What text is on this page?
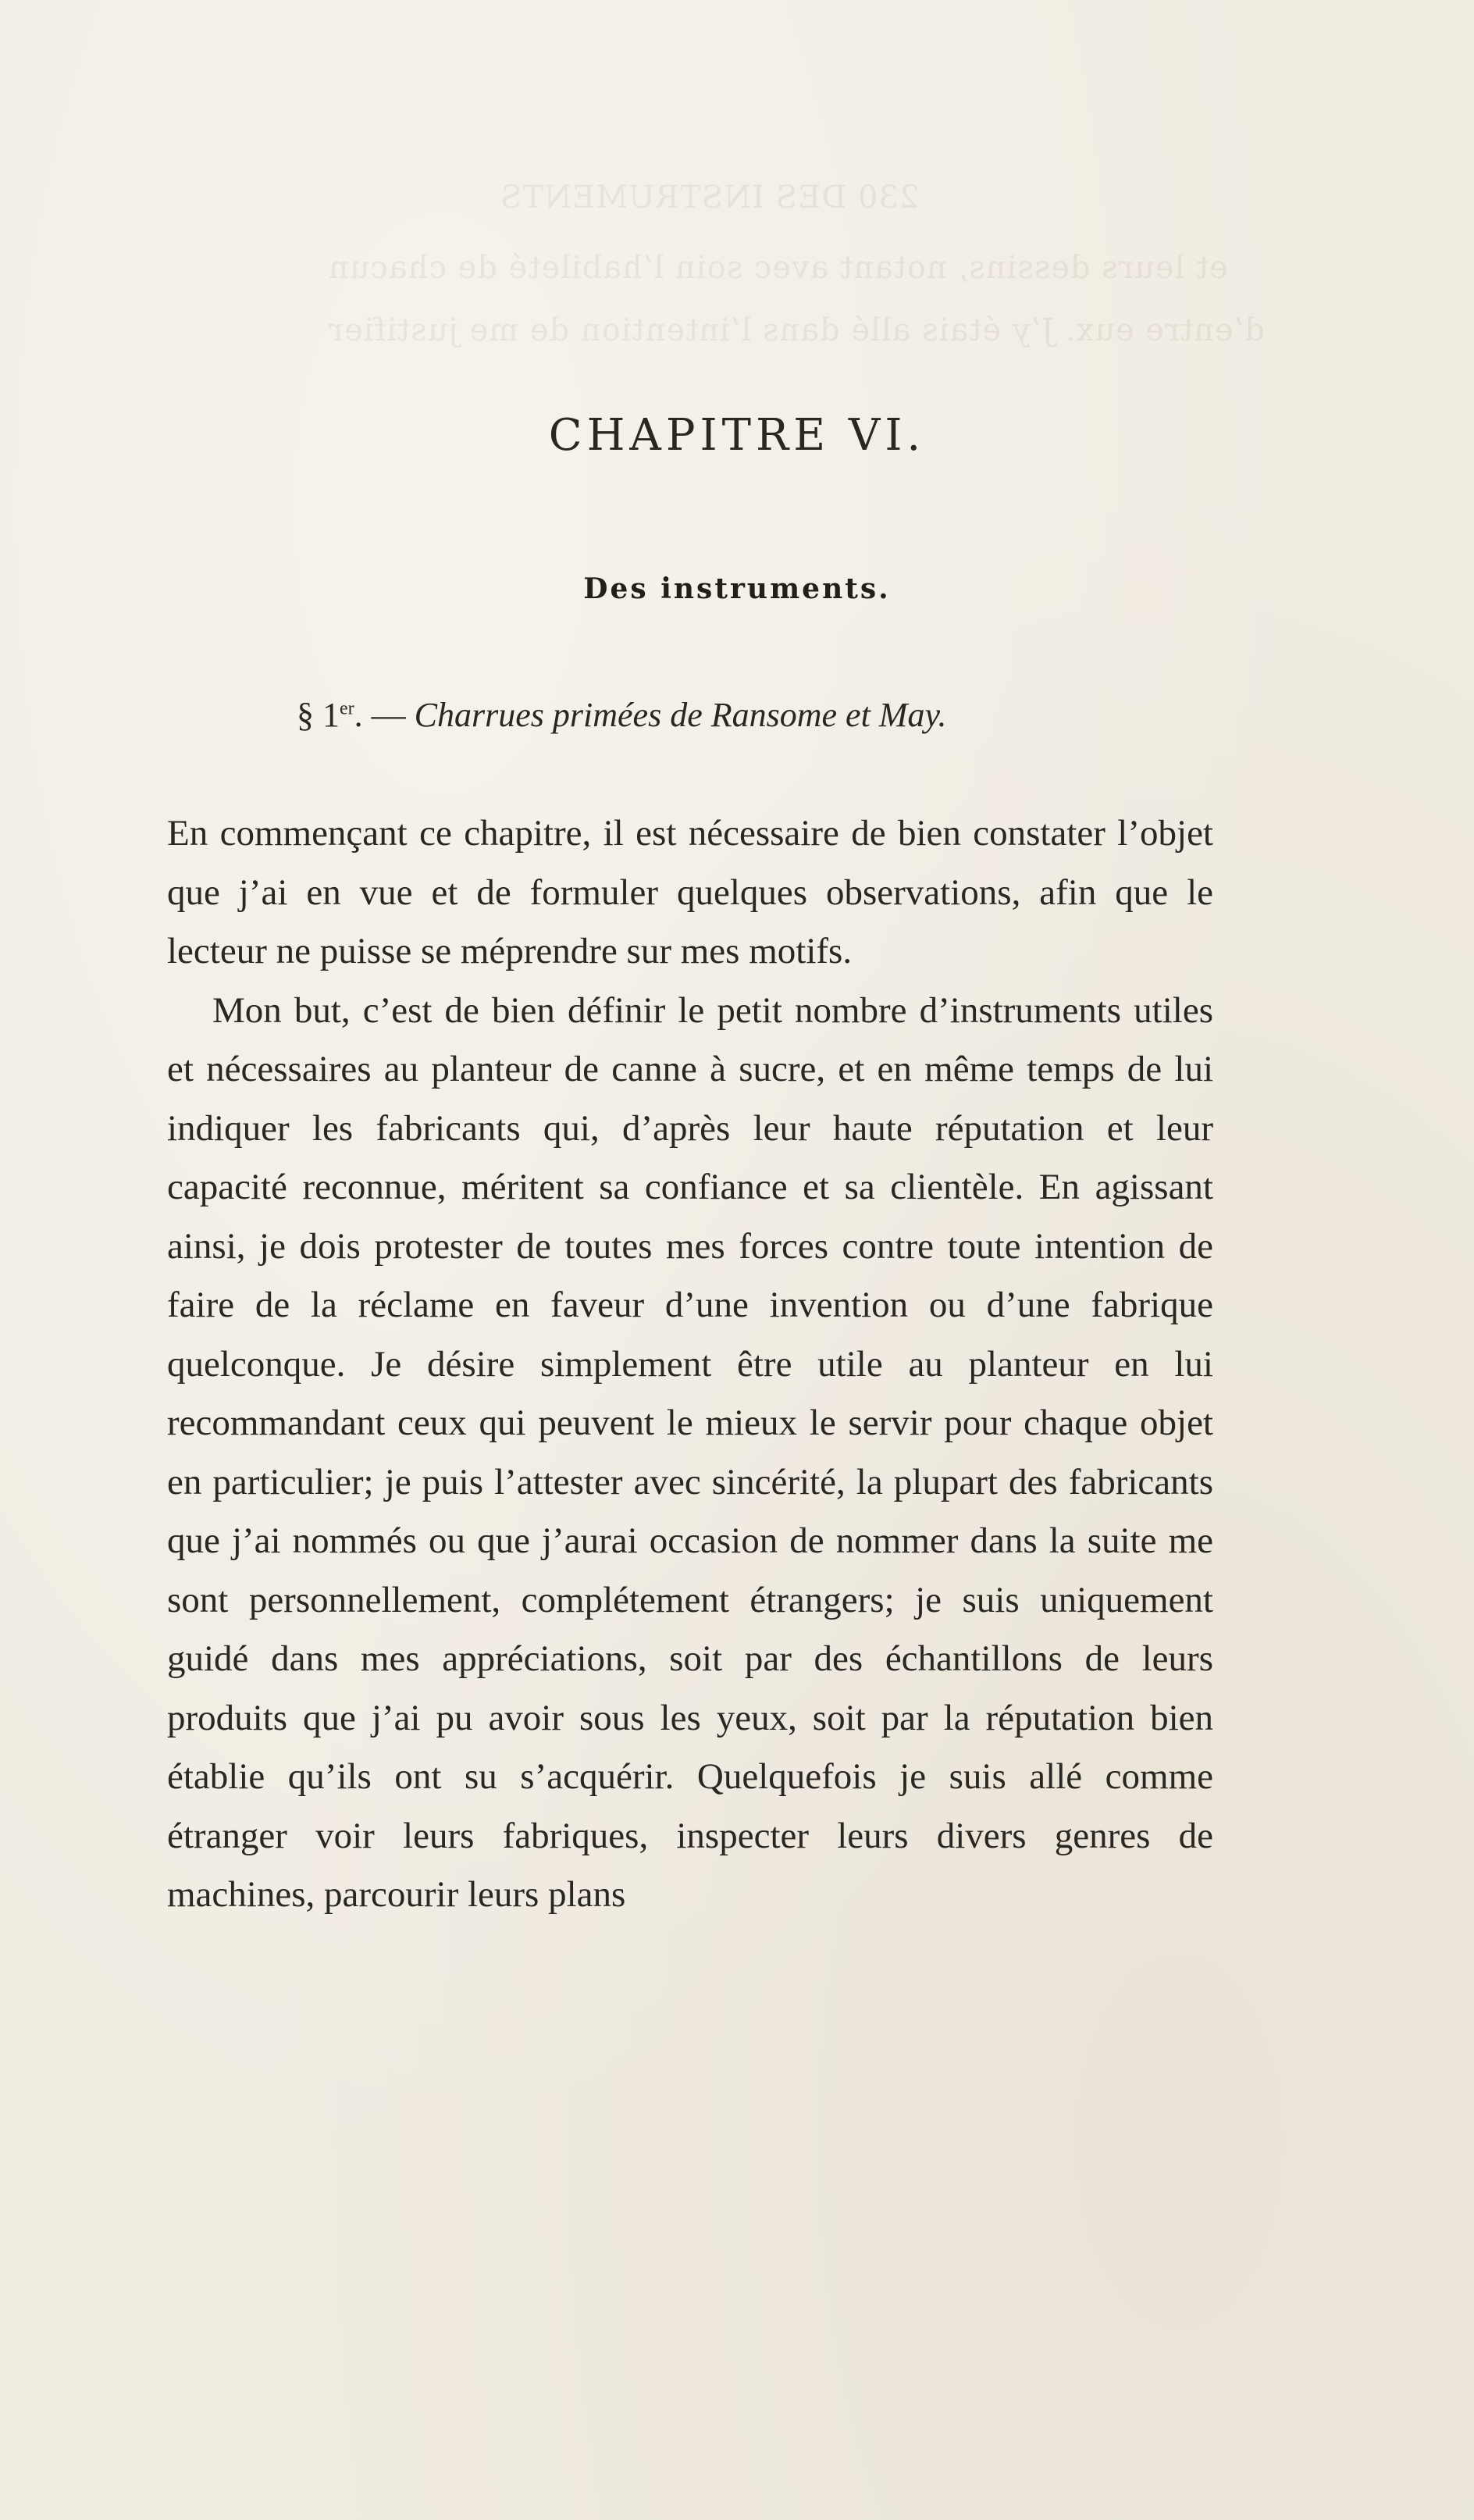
230 DES INSTRUMENTS
et leurs dessins, notant avec soin l’habileté de chacun
d’entre eux. J’y étais allé dans l’intention de me justifier
CHAPITRE VI.
Des instruments.
§ 1er. — Charrues primées de Ransome et May.

En commençant ce chapitre, il est nécessaire de bien constater l’objet que j’ai en vue et de formuler quelques observations, afin que le lecteur ne puisse se méprendre sur mes motifs.

Mon but, c’est de bien définir le petit nombre d’instruments utiles et nécessaires au planteur de canne à sucre, et en même temps de lui indiquer les fabricants qui, d’après leur haute réputation et leur capacité reconnue, méritent sa confiance et sa clientèle. En agissant ainsi, je dois protester de toutes mes forces contre toute intention de faire de la réclame en faveur d’une invention ou d’une fabrique quelconque. Je désire simplement être utile au planteur en lui recommandant ceux qui peuvent le mieux le servir pour chaque objet en particulier; je puis l’attester avec sincérité, la plupart des fabricants que j’ai nommés ou que j’aurai occasion de nommer dans la suite me sont personnellement, complétement étrangers; je suis uniquement guidé dans mes appréciations, soit par des échantillons de leurs produits que j’ai pu avoir sous les yeux, soit par la réputation bien établie qu’ils ont su s’acquérir. Quelquefois je suis allé comme étranger voir leurs fabriques, inspecter leurs divers genres de machines, parcourir leurs plans
